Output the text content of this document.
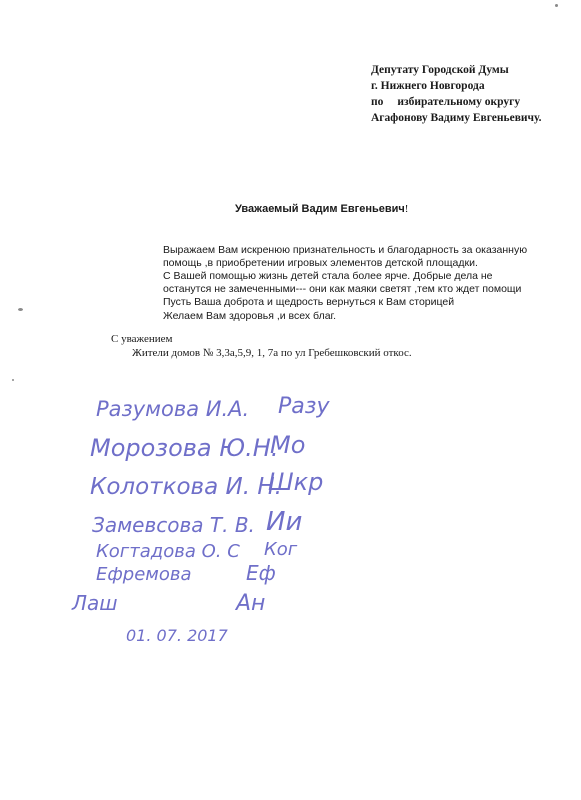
Депутату Городской Думы
г. Нижнего Новгорода
по избирательному округу
Агафонову Вадиму Евгеньевичу.
Уважаемый Вадим Евгеньевич!
Выражаем Вам искренюю признательность и благодарность за оказанную
помощь ,в приобретении игровых элементов детской площадки.
С Вашей помощью жизнь детей стала более ярче. Добрые дела не
останутся не замеченными--- они как маяки светят ,тем кто ждет помощи
Пусть Ваша доброта и щедрость вернуться к Вам сторицей
Желаем Вам здоровья ,и всех благ.
С уважением
Жители домов № 3,3а,5,9, 1, 7а по ул Гребешковский откос.
Разумова И.А. Разу
Морозова Ю.Н.
Мо
Колоткова И. Н.
Шкр
Замевсова Т. В. Ии
Когтадова О. С Ког
Ефремова	Еф
Лаш	Ан
01. 07. 2017
